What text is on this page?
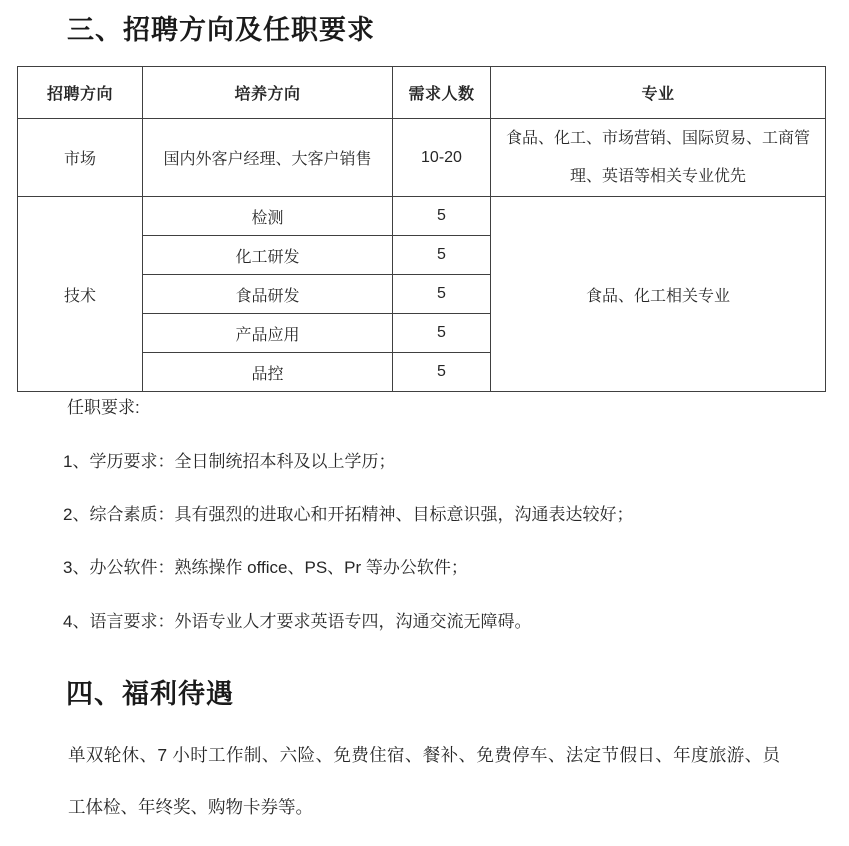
三、招聘方向及任职要求
招聘方向	培养方向	需求人数	专业
市场	国内外客户经理、大客户销售	10-20	食品、化工、市场营销、国际贸易、工商管理、英语等相关专业优先
技术	检测	5	食品、化工相关专业
	化工研发	5	
	食品研发	5	
	产品应用	5	
	品控	5	

任职要求:

1、学历要求：全日制统招本科及以上学历；

2、综合素质：具有强烈的进取心和开拓精神、目标意识强，沟通表达较好；

3、办公软件：熟练操作 office、PS、Pr 等办公软件；

4、语言要求：外语专业人才要求英语专四，沟通交流无障碍。

四、福利待遇

单双轮休、7 小时工作制、六险、免费住宿、餐补、免费停车、法定节假日、年度旅游、员工体检、年终奖、购物卡券等。
